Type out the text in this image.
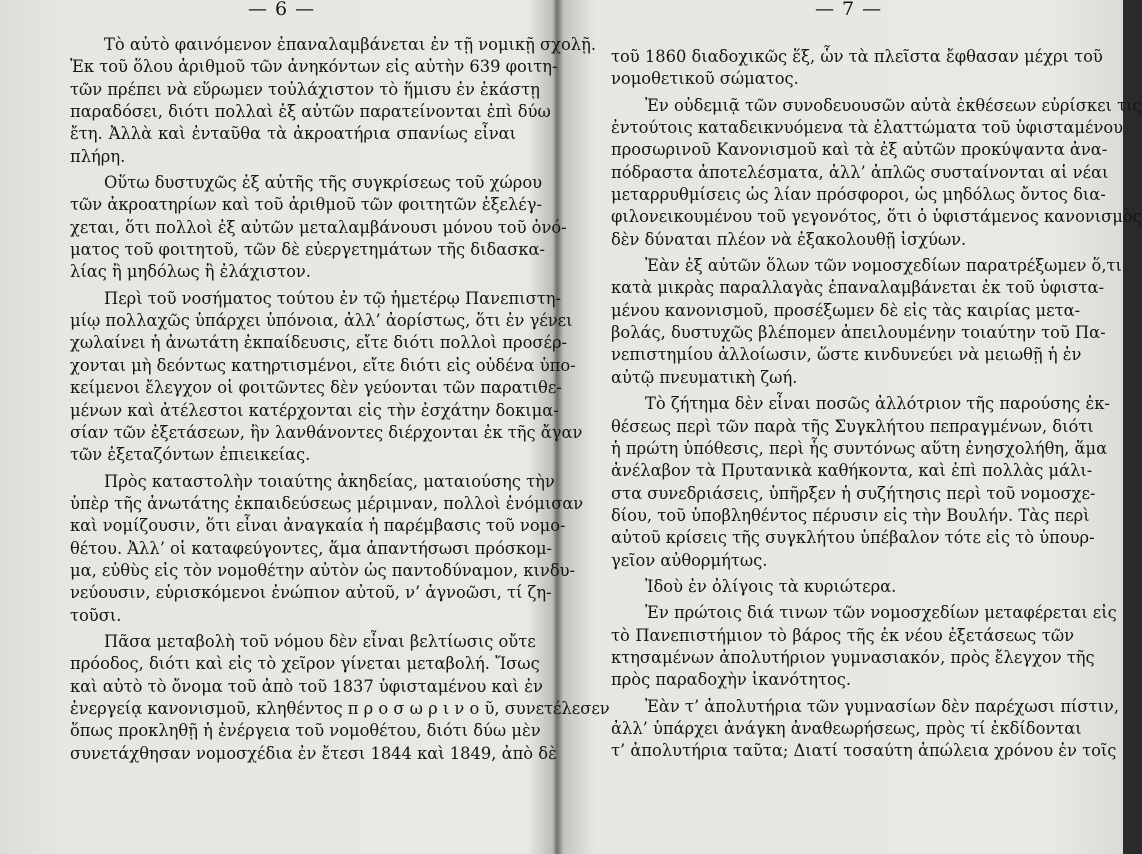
— 6 —

Τὸ αὐτὸ φαινόμενον ἐπαναλαμβάνεται ἐν τῇ νομικῇ σχολῇ.
Ἐκ τοῦ ὅλου ἀριθμοῦ τῶν ἀνηκόντων εἰς αὐτὴν 639 φοιτη-
τῶν πρέπει νὰ εὕρωμεν τοὐλάχιστον τὸ ἥμισυ ἐν ἑκάστῃ
παραδόσει, διότι πολλαὶ ἐξ αὐτῶν παρατείνονται ἐπὶ δύω
ἔτη. Ἀλλὰ καὶ ἐνταῦθα τὰ ἀκροατήρια σπανίως εἶναι
πλήρη.
Οὕτω δυστυχῶς ἐξ αὐτῆς τῆς συγκρίσεως τοῦ χώρου
τῶν ἀκροατηρίων καὶ τοῦ ἀριθμοῦ τῶν φοιτητῶν ἐξελέγ-
χεται, ὅτι πολλοὶ ἐξ αὐτῶν μεταλαμβάνουσι μόνου τοῦ ὀνό-
ματος τοῦ φοιτητοῦ, τῶν δὲ εὐεργετημάτων τῆς διδασκα-
λίας ἢ μηδόλως ἢ ἐλάχιστον.
Περὶ τοῦ νοσήματος τούτου ἐν τῷ ἡμετέρῳ Πανεπιστη-
μίῳ πολλαχῶς ὑπάρχει ὑπόνοια, ἀλλ’ ἀορίστως, ὅτι ἐν γένει
χωλαίνει ἡ ἀνωτάτη ἐκπαίδευσις, εἴτε διότι πολλοὶ προσέρ-
χονται μὴ δεόντως κατηρτισμένοι, εἴτε διότι εἰς οὐδένα ὑπο-
κείμενοι ἔλεγχον οἱ φοιτῶντες δὲν γεύονται τῶν παρατιθε-
μένων καὶ ἀτέλεστοι κατέρχονται εἰς τὴν ἐσχάτην δοκιμα-
σίαν τῶν ἐξετάσεων, ἣν λανθάνοντες διέρχονται ἐκ τῆς ἄγαν
τῶν ἐξεταζόντων ἐπιεικείας.
Πρὸς καταστολὴν τοιαύτης ἀκηδείας, ματαιούσης τὴν
ὑπὲρ τῆς ἀνωτάτης ἐκπαιδεύσεως μέριμναν, πολλοὶ ἐνόμισαν
καὶ νομίζουσιν, ὅτι εἶναι ἀναγκαία ἡ παρέμβασις τοῦ νομο-
θέτου. Ἀλλ’ οἱ καταφεύγοντες, ἅμα ἀπαντήσωσι πρόσκομ-
μα, εὐθὺς εἰς τὸν νομοθέτην αὐτὸν ὡς παντοδύναμον, κινδυ-
νεύουσιν, εὑρισκόμενοι ἐνώπιον αὐτοῦ, ν’ ἀγνοῶσι, τί ζη-
τοῦσι.
Πᾶσα μεταβολὴ τοῦ νόμου δὲν εἶναι βελτίωσις οὔτε
πρόοδος, διότι καὶ εἰς τὸ χεῖρον γίνεται μεταβολή. Ἴσως
καὶ αὐτὸ τὸ ὄνομα τοῦ ἀπὸ τοῦ 1837 ὑφισταμένου καὶ ἐν
ἐνεργείᾳ κανονισμοῦ, κληθέντος π ρ ο σ ω ρ ι ν ο ῦ, συνετέλεσεν
ὅπως προκληθῇ ἡ ἐνέργεια τοῦ νομοθέτου, διότι δύω μὲν
συνετάχθησαν νομοσχέδια ἐν ἔτεσι 1844 καὶ 1849, ἀπὸ δὲ

— 7 —

τοῦ 1860 διαδοχικῶς ἕξ, ὧν τὰ πλεῖστα ἔφθασαν μέχρι τοῦ
νομοθετικοῦ σώματος.
Ἐν οὐδεμιᾷ τῶν συνοδευουσῶν αὐτὰ ἐκθέσεων εὑρίσκει τις
ἐντούτοις καταδεικνυόμενα τὰ ἐλαττώματα τοῦ ὑφισταμένου
προσωρινοῦ Κανονισμοῦ καὶ τὰ ἐξ αὐτῶν προκύψαντα ἀνα-
πόδραστα ἀποτελέσματα, ἀλλ’ ἁπλῶς συσταίνονται αἱ νέαι
μεταρρυθμίσεις ὡς λίαν πρόσφοροι, ὡς μηδόλως ὄντος δια-
φιλονεικουμένου τοῦ γεγονότος, ὅτι ὁ ὑφιστάμενος κανονισμὸς
δὲν δύναται πλέον νὰ ἐξακολουθῇ ἰσχύων.
Ἐὰν ἐξ αὐτῶν ὅλων τῶν νομοσχεδίων παρατρέξωμεν ὅ,τι
κατὰ μικρὰς παραλλαγὰς ἐπαναλαμβάνεται ἐκ τοῦ ὑφιστα-
μένου κανονισμοῦ, προσέξωμεν δὲ εἰς τὰς καιρίας μετα-
βολάς, δυστυχῶς βλέπομεν ἀπειλουμένην τοιαύτην τοῦ Πα-
νεπιστημίου ἀλλοίωσιν, ὥστε κινδυνεύει νὰ μειωθῇ ἡ ἐν
αὐτῷ πνευματικὴ ζωή.
Τὸ ζήτημα δὲν εἶναι ποσῶς ἀλλότριον τῆς παρούσης ἐκ-
θέσεως περὶ τῶν παρὰ τῆς Συγκλήτου πεπραγμένων, διότι
ἡ πρώτη ὑπόθεσις, περὶ ἧς συντόνως αὕτη ἐνησχολήθη, ἅμα
ἀνέλαβον τὰ Πρυτανικὰ καθήκοντα, καὶ ἐπὶ πολλὰς μάλι-
στα συνεδριάσεις, ὑπῆρξεν ἡ συζήτησις περὶ τοῦ νομοσχε-
δίου, τοῦ ὑποβληθέντος πέρυσιν εἰς τὴν Βουλήν. Τὰς περὶ
αὐτοῦ κρίσεις τῆς συγκλήτου ὑπέβαλον τότε εἰς τὸ ὑπουρ-
γεῖον αὐθορμήτως.
Ἰδοὺ ἐν ὀλίγοις τὰ κυριώτερα.
Ἐν πρώτοις διά τινων τῶν νομοσχεδίων μεταφέρεται εἰς
τὸ Πανεπιστήμιον τὸ βάρος τῆς ἐκ νέου ἐξετάσεως τῶν
κτησαμένων ἀπολυτήριον γυμνασιακόν, πρὸς ἔλεγχον τῆς
πρὸς παραδοχὴν ἱκανότητος.
Ἐὰν τ’ ἀπολυτήρια τῶν γυμνασίων δὲν παρέχωσι πίστιν,
ἀλλ’ ὑπάρχει ἀνάγκη ἀναθεωρήσεως, πρὸς τί ἐκδίδονται
τ’ ἀπολυτήρια ταῦτα; Διατί τοσαύτη ἀπώλεια χρόνου ἐν τοῖς
